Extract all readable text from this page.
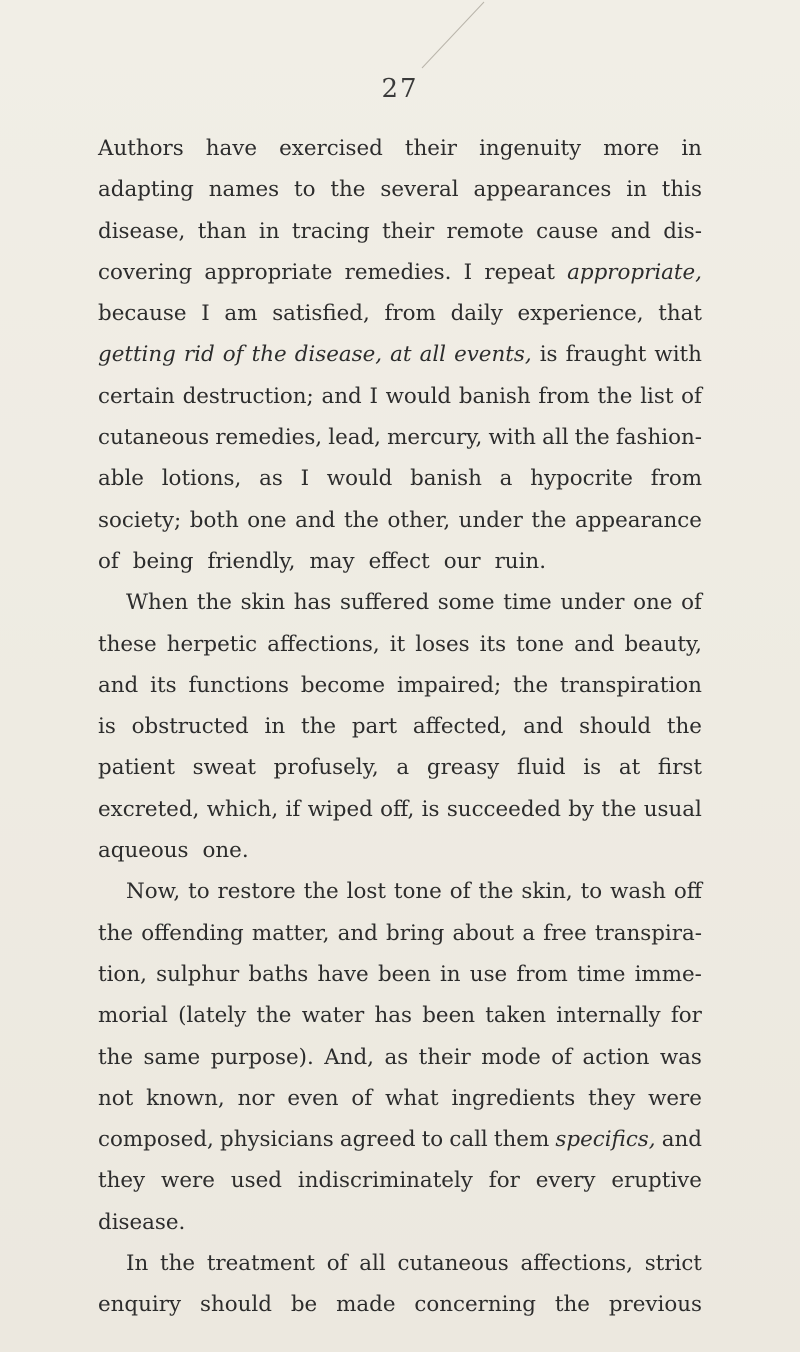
27
Authors have exercised their ingenuity more in
adapting names to the several appearances in this
disease, than in tracing their remote cause and dis-
covering appropriate remedies. I repeat appropriate,
because I am satisfied, from daily experience, that
getting rid of the disease, at all events, is fraught with
certain destruction; and I would banish from the list of
cutaneous remedies, lead, mercury, with all the fashion-
able lotions, as I would banish a hypocrite from
society; both one and the other, under the appearance
of being friendly, may effect our ruin.
When the skin has suffered some time under one of
these herpetic affections, it loses its tone and beauty,
and its functions become impaired; the transpiration
is obstructed in the part affected, and should the
patient sweat profusely, a greasy fluid is at first
excreted, which, if wiped off, is succeeded by the usual
aqueous one.
Now, to restore the lost tone of the skin, to wash off
the offending matter, and bring about a free transpira-
tion, sulphur baths have been in use from time imme-
morial (lately the water has been taken internally for
the same purpose). And, as their mode of action was
not known, nor even of what ingredients they were
composed, physicians agreed to call them specifics, and
they were used indiscriminately for every eruptive
disease.
In the treatment of all cutaneous affections, strict
enquiry should be made concerning the previous
